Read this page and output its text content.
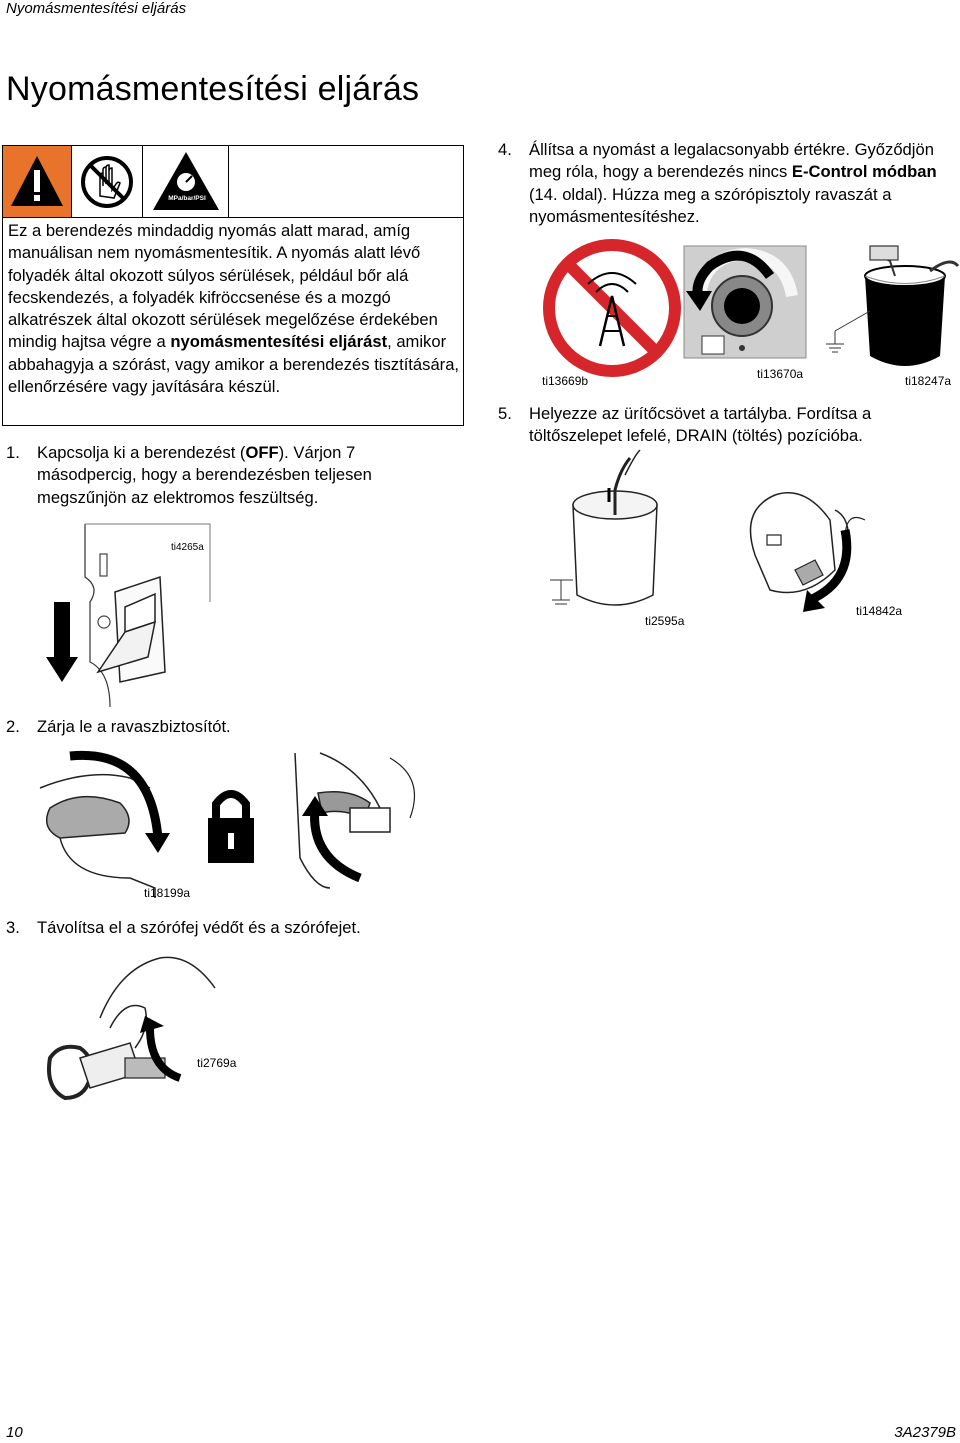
Nyomásmentesítési eljárás
Nyomásmentesítési eljárás
MPa/bar/PSI
Ez a berendezés mindaddig nyomás alatt marad, amíg manuálisan nem nyomásmentesítik. A nyomás alatt lévő folyadék által okozott súlyos sérülések, például bőr alá fecskendezés, a folyadék kifröccsenése és a mozgó alkatrészek által okozott sérülések megelőzése érdekében mindig hajtsa végre a nyomásmentesítési eljárást, amikor abbahagyja a szórást, vagy amikor a berendezés tisztítására, ellenőrzésére vagy javítására készül.
1. Kapcsolja ki a berendezést (OFF). Várjon 7 másodpercig, hogy a berendezésben teljesen megszűnjön az elektromos feszültség.
ti4265a
2. Zárja le a ravaszbiztosítót.
ti18199a
3. Távolítsa el a szórófej védőt és a szórófejet.
ti2769a
4. Állítsa a nyomást a legalacsonyabb értékre. Győződjön meg róla, hogy a berendezés nincs E-Control módban (14. oldal). Húzza meg a szórópisztoly ravaszát a nyomásmentesítéshez.
ti13669b	ti13670a	ti18247a
5. Helyezze az ürítőcsövet a tartályba. Fordítsa a töltőszelepet lefelé, DRAIN (töltés) pozícióba.
ti2595a
ti14842a
10	3A2379B
